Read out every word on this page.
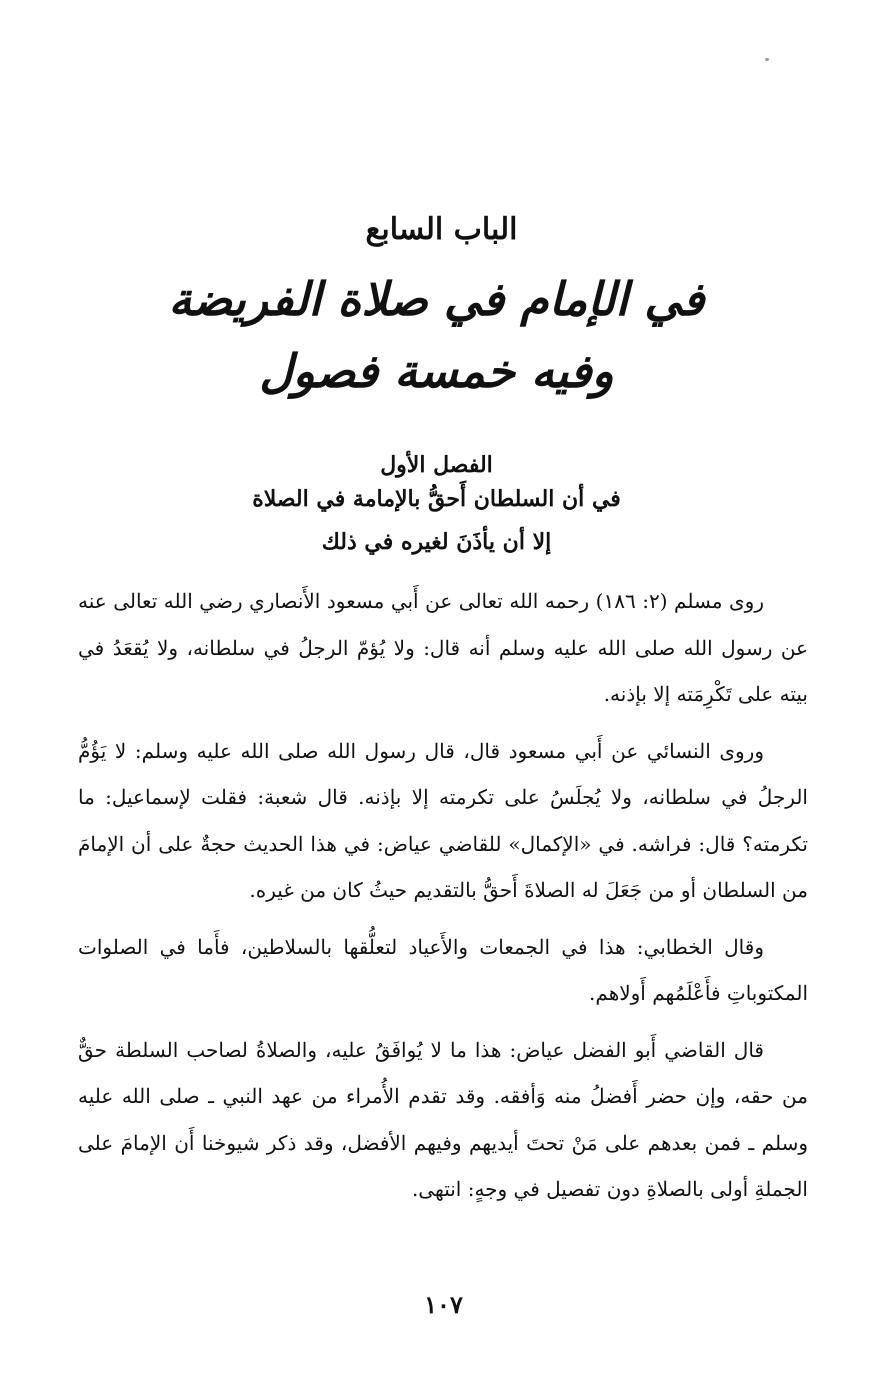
الباب السابع
في الإمام في صلاة الفريضة
وفيه خمسة فصول
الفصل الأول
في أن السلطان أَحقُّ بالإمامة في الصلاة
إلا أن يأذَنَ لغيره في ذلك

روى مسلم (٢: ١٨٦) رحمه الله تعالى عن أَبي مسعود الأَنصاري رضي الله تعالى عنه عن رسول الله صلى الله عليه وسلم أنه قال: ولا يُؤمّ الرجلُ في سلطانه، ولا يُقعَدُ في بيته على تَكْرِمَته إلا بإذنه.

وروى النسائي عن أَبي مسعود قال، قال رسول الله صلى الله عليه وسلم: لا يَؤُمُّ الرجلُ في سلطانه، ولا يُجلَسُ على تكرمته إلا بإذنه. قال شعبة: فقلت لإسماعيل: ما تكرمته؟ قال: فراشه. في «الإكمال» للقاضي عياض: في هذا الحديث حجةٌ على أن الإمامَ من السلطان أو من جَعَلَ له الصلاةَ أَحقُّ بالتقديم حيثُ كان من غيره.

وقال الخطابي: هذا في الجمعات والأَعياد لتعلُّقها بالسلاطين، فأَما في الصلوات المكتوباتِ فأَعْلَمُهم أَولاهم.

قال القاضي أَبو الفضل عياض: هذا ما لا يُوافَقُ عليه، والصلاةُ لصاحب السلطة حقٌّ من حقه، وإن حضر أَفضلُ منه وَأفقه. وقد تقدم الأُمراء من عهد النبي ـ صلى الله عليه وسلم ـ فمن بعدهم على مَنْ تحتَ أيديهم وفيهم الأفضل، وقد ذكر شيوخنا أَن الإمامَ على الجملةِ أولى بالصلاةِ دون تفصيل في وجهٍ: انتهى.

١٠٧
